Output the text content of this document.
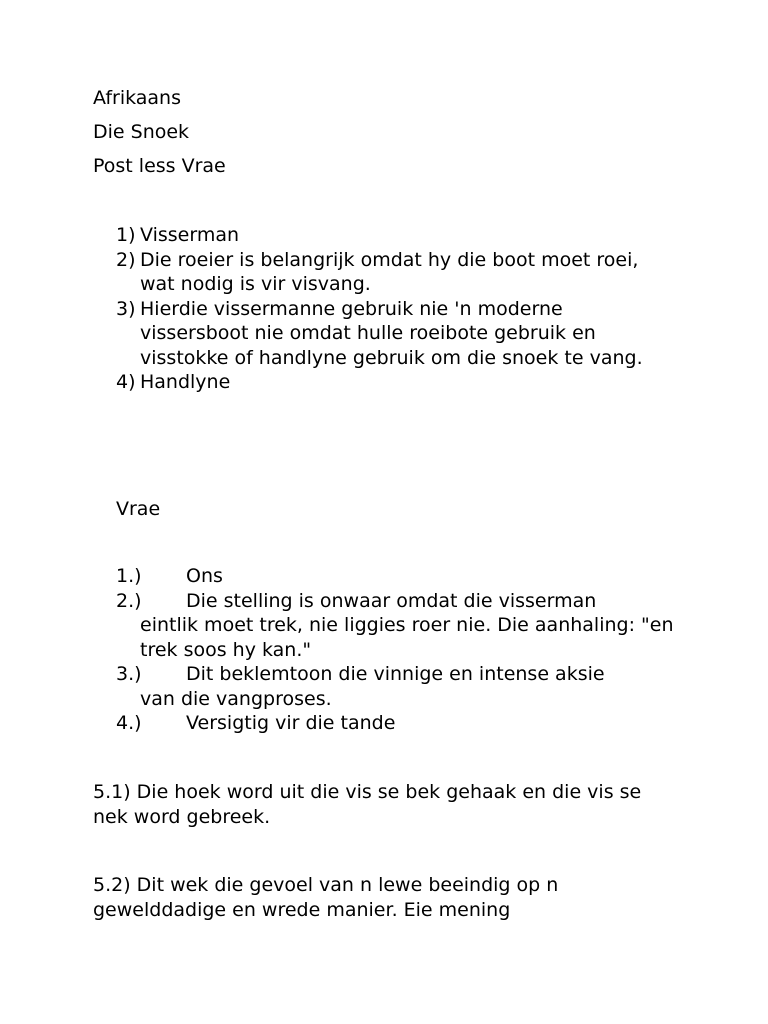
Afrikaans
Die Snoek
Post less Vrae
1) Visserman
2) Die roeier is belangrijk omdat hy die boot moet roei, wat nodig is vir visvang.
3) Hierdie vissermanne gebruik nie 'n moderne vissersboot nie omdat hulle roeibote gebruik en visstokke of handlyne gebruik om die snoek te vang.
4) Handlyne
Vrae
1.) Ons
2.) Die stelling is onwaar omdat die visserman
eintlik moet trek, nie liggies roer nie. Die aanhaling: "en trek soos hy kan."
3.) Dit beklemtoon die vinnige en intense aksie
van die vangproses.
4.) Versigtig vir die tande
5.1) Die hoek word uit die vis se bek gehaak en die vis se nek word gebreek.
5.2) Dit wek die gevoel van n lewe beeindig op n gewelddadige en wrede manier. Eie mening
